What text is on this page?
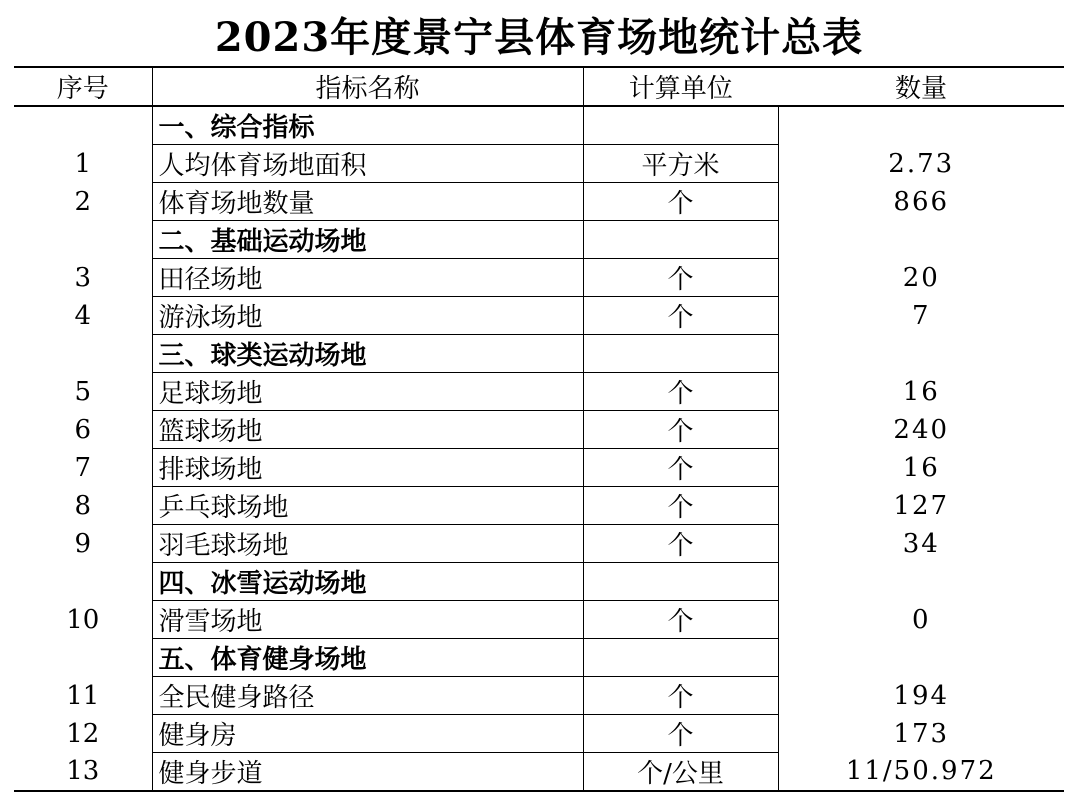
2023年度景宁县体育场地统计总表
序号	指标名称	计算单位	数量
	一、综合指标		
1	人均体育场地面积	平方米	2.73
2	体育场地数量	个	866
	二、基础运动场地		
3	田径场地	个	20
4	游泳场地	个	7
	三、球类运动场地		
5	足球场地	个	16
6	篮球场地	个	240
7	排球场地	个	16
8	乒乓球场地	个	127
9	羽毛球场地	个	34
	四、冰雪运动场地		
10	滑雪场地	个	0
	五、体育健身场地		
11	全民健身路径	个	194
12	健身房	个	173
13	健身步道	个/公里	11/50.972
